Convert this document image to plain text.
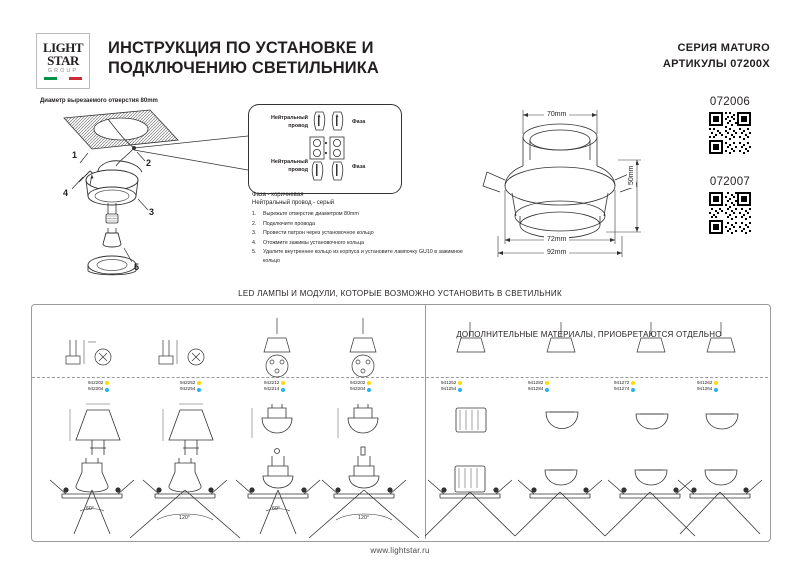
LIGHT
STAR
GROUP
ИНСТРУКЦИЯ ПО УСТАНОВКЕ И
ПОДКЛЮЧЕНИЮ СВЕТИЛЬНИКА
СЕРИЯ MATURO
АРТИКУЛЫ 07200X
072006
072007
Диаметр вырезаемого отверстия 80mm
1
2
3
4
5
Нейтральный
провод
Фаза
Нейтральный
провод	Фаза
Фаза - коричневая
Нейтральный провод - серый
1.	Вырежьте отверстие диаметром 80mm
2.	Подключите провода
3.	Провести патрон через установочное кольцо
4.	Отожмите зажимы установочного кольца
5.	Удалите внутреннее кольцо из корпуса и установите лампочку GU10 в зажимное кольцо
70mm
72mm
92mm
50mm
LED ЛАМПЫ И МОДУЛИ, КОТОРЫЕ ВОЗМОЖНО УСТАНОВИТЬ В СВЕТИЛЬНИК
ДОПОЛНИТЕЛЬНЫЕ МАТЕРИАЛЫ, ПРИОБРЕТАЮТСЯ ОТДЕЛЬНО
942202
942204
942252
942254
942212
942214
942202
942204
941252
941254
941282
941284
941272
941274
941262
941264
60°
120°
60°
120°
www.lightstar.ru
